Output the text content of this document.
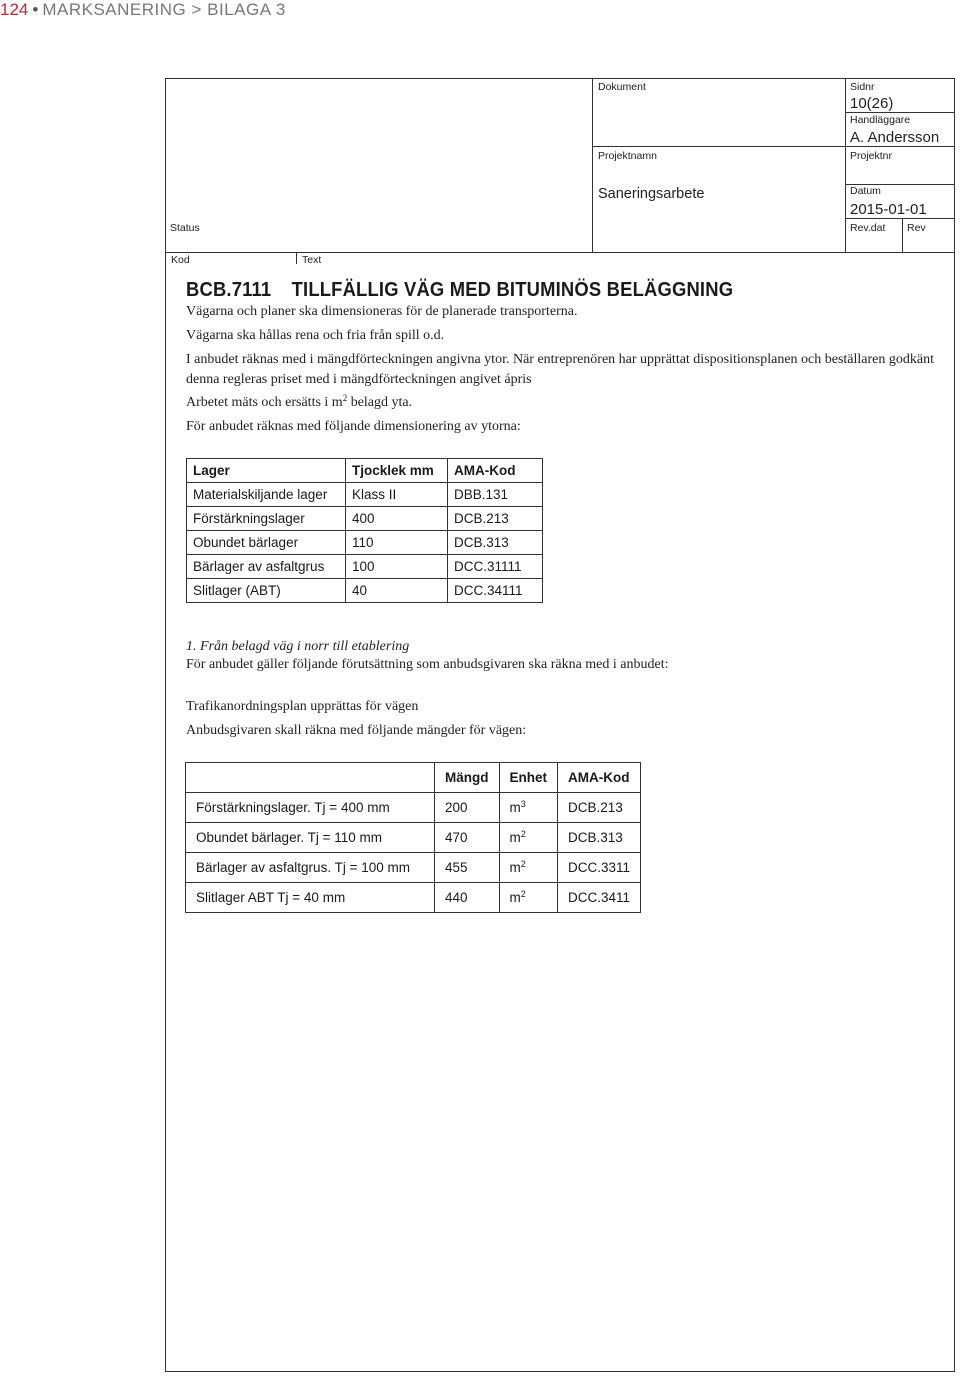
124 • MARKSANERING > BILAGA 3
Dokument	Sidnr
10(26)
Handläggare
A. Andersson
Projektnamn	Projektnr
Saneringsarbete	Datum
2015-01-01
Status	Rev.dat Rev
Kod	Text
BCB.7111 TILLFÄLLIG VÄG MED BITUMINÖS BELÄGGNING
Vägarna och planer ska dimensioneras för de planerade transporterna.
Vägarna ska hållas rena och fria från spill o.d.
I anbudet räknas med i mängdförteckningen angivna ytor. När entreprenören har upprättat dispositionsplanen och beställaren godkänt denna regleras priset med i mängdförteckningen angivet ápris
Arbetet mäts och ersätts i $m^2$ belagd yta.
För anbudet räknas med följande dimensionering av ytorna:
Lager	Tjocklek mm	AMA-Kod
Materialskiljande lager	Klass II	DBB.131
Förstärkningslager	400	DCB.213
Obundet bärlager	110	DCB.313
Bärlager av asfaltgrus	100	DCC.31111
Slitlager (ABT)	40	DCC.34111
1. Från belagd väg i norr till etablering
För anbudet gäller följande förutsättning som anbudsgivaren ska räkna med i anbudet:
Trafikanordningsplan upprättas för vägen
Anbudsgivaren skall räkna med följande mängder för vägen:
	Mängd	Enhet	AMA-Kod
Förstärkningslager. Tj = 400 mm	200	$m^3$	DCB.213
Obundet bärlager. Tj = 110 mm	470	$m^2$	DCB.313
Bärlager av asfaltgrus. Tj = 100 mm	455	$m^2$	DCC.3311
Slitlager ABT Tj = 40 mm	440	$m^2$	DCC.3411
